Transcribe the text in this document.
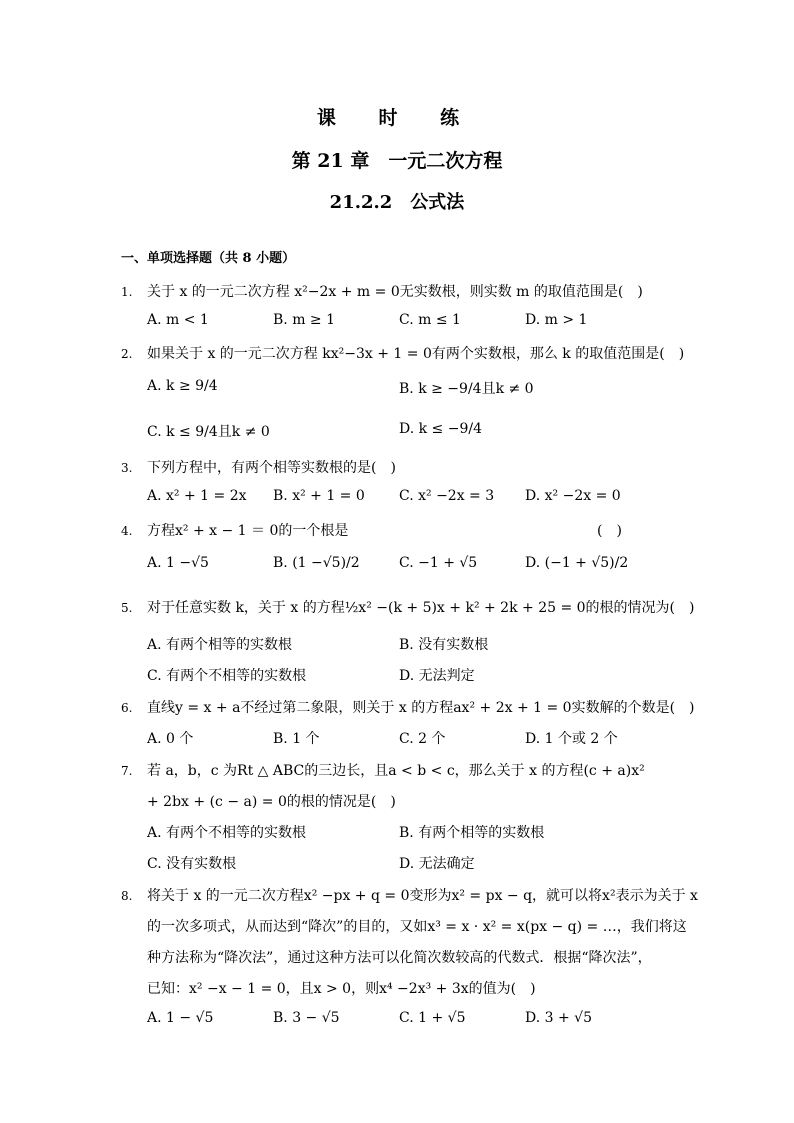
课 时 练
第 21 章　一元二次方程
21.2.2　公式法
一、单项选择题（共 8 小题）
1. 关于 x 的一元二次方程 x²−2x + m = 0无实数根，则实数 m 的取值范围是(　)
A. m < 1	B. m ≥ 1	C. m ≤ 1	D. m > 1
2. 如果关于 x 的一元二次方程 kx²−3x + 1 = 0有两个实数根，那么 k 的取值范围是(　)
A. k ≥ 9/4	B. k ≥ −9/4且k ≠ 0
C. k ≤ 9/4且k ≠ 0	D. k ≤ −9/4
3. 下列方程中，有两个相等实数根的是(　)
A. x² + 1 = 2x B. x² + 1 = 0 C. x² −2x = 3 D. x² −2x = 0
4. 方程x² + x − 1 ＝ 0的一个根是	(　)
A. 1 −√5	B. (1 −√5)/2	C. −1 + √5	D. (−1 + √5)/2
5. 对于任意实数 k，关于 x 的方程½x² −(k + 5)x + k² + 2k + 25 = 0的根的情况为(　)
A. 有两个相等的实数根	B. 没有实数根
C. 有两个不相等的实数根	D. 无法判定
6. 直线y = x + a不经过第二象限，则关于 x 的方程ax² + 2x + 1 = 0实数解的个数是(　)
A. 0 个	B. 1 个	C. 2 个	D. 1 个或 2 个
7. 若 a，b，c 为Rt △ ABC的三边长，且a < b < c，那么关于 x 的方程(c + a)x²
+ 2bx + (c − a) = 0的根的情况是(　)
A. 有两个不相等的实数根	B. 有两个相等的实数根
C. 没有实数根	D. 无法确定
8. 将关于 x 的一元二次方程x² −px + q = 0变形为x² = px − q，就可以将x²表示为关于 x
的一次多项式，从而达到“降次”的目的，又如x³ = x · x² = x(px − q) = …，我们将这
种方法称为“降次法”，通过这种方法可以化简次数较高的代数式．根据“降次法”，
已知：x² −x − 1 = 0，且x > 0，则x⁴ −2x³ + 3x的值为(　)
A. 1 − √5	B. 3 − √5	C. 1 + √5	D. 3 + √5
